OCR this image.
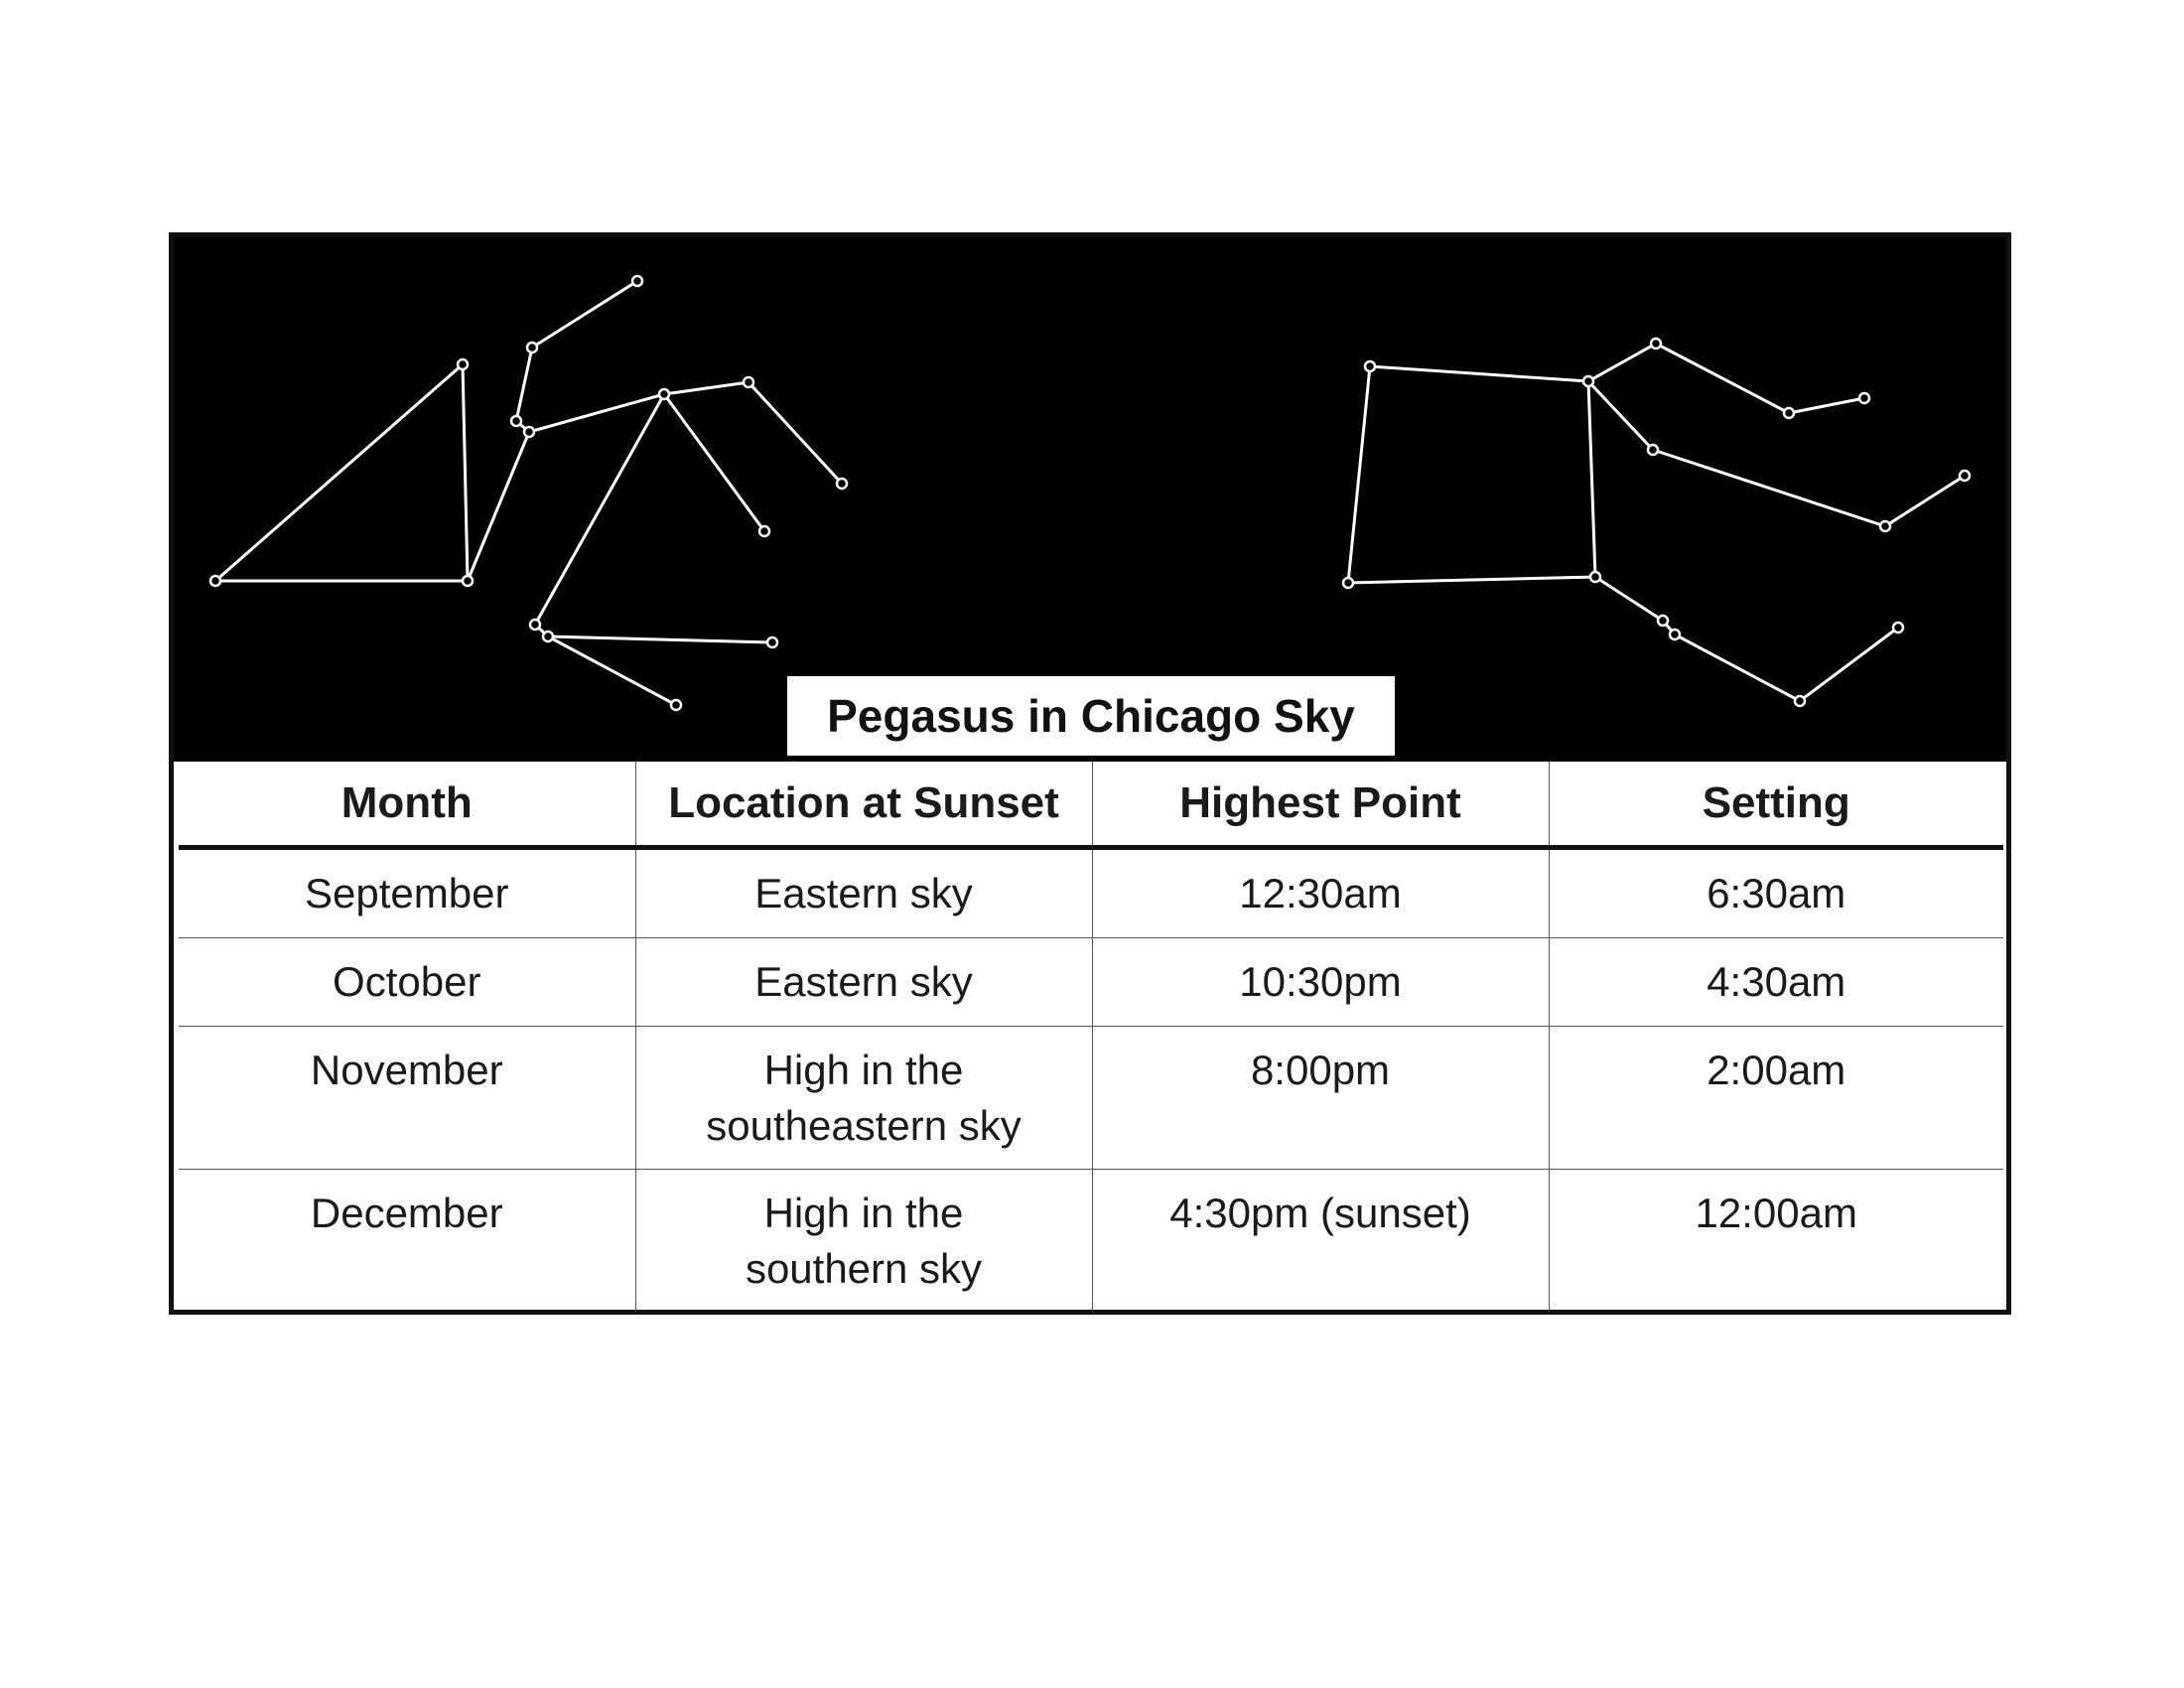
Pegasus in Chicago Sky
Month	Location at Sunset	Highest Point	Setting
September	Eastern sky	12:30am	6:30am
October	Eastern sky	10:30pm	4:30am
November	High in the southeastern sky	8:00pm	2:00am
December	High in the southern sky	4:30pm (sunset)	12:00am
